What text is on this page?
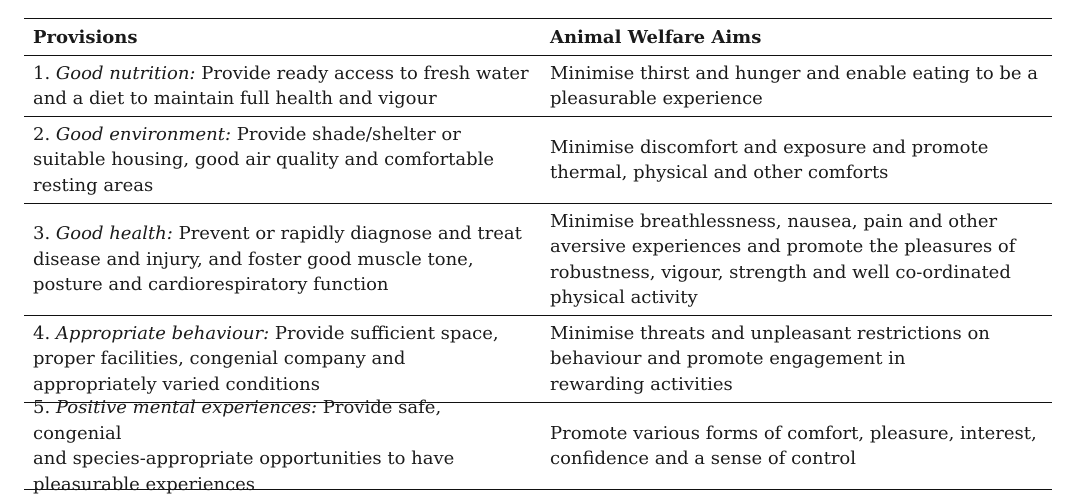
Provisions	Animal Welfare Aims
1. Good nutrition: Provide ready access to fresh water
and a diet to maintain full health and vigour
Minimise thirst and hunger and enable eating to be a
pleasurable experience
2. Good environment: Provide shade/shelter or
suitable housing, good air quality and comfortable
resting areas
Minimise discomfort and exposure and promote
thermal, physical and other comforts
3. Good health: Prevent or rapidly diagnose and treat
disease and injury, and foster good muscle tone,
posture and cardiorespiratory function
Minimise breathlessness, nausea, pain and other
aversive experiences and promote the pleasures of
robustness, vigour, strength and well co-ordinated
physical activity
4. Appropriate behaviour: Provide sufficient space,
proper facilities, congenial company and
appropriately varied conditions
Minimise threats and unpleasant restrictions on
behaviour and promote engagement in
rewarding activities
5. Positive mental experiences: Provide safe, congenial
and species-appropriate opportunities to have
pleasurable experiences
Promote various forms of comfort, pleasure, interest,
confidence and a sense of control
